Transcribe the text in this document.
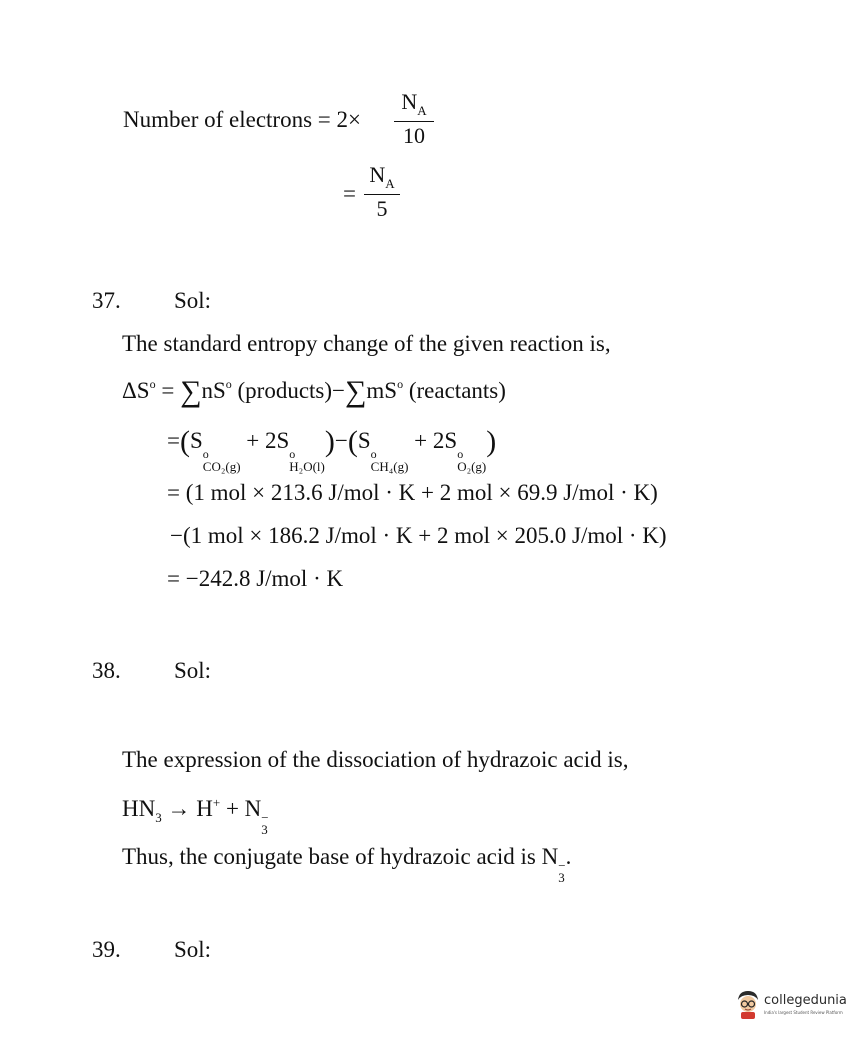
Number of electrons = 2×
$N_A$
10
=
$N_A$
5
37. Sol:
The standard entropy change of the given reaction is,
$\Delta S^o = \sum nS^o$ $(products)-\sum mS^o$ (reactants)
=(S
o
CO₂(g)
+ 2S
o
H₂O(l)
)−(S
o
CH₄(g)
+ 2S
o
O₂(g)
)
= (1 mol × 213.6 J/mol · K + 2 mol × 69.9 J/mol · K)
−(1 mol × 186.2 J/mol · K + 2 mol × 205.0 J/mol · K)
= −242.8 J/mol · K
38. Sol:
The expression of the dissociation of hydrazoic acid is,
$HN_3 \to H^+ + N$ −
3
Thus, the conjugate base of hydrazoic acid is N −
3
.
39. Sol:
collegedunia
India's largest Student Review Platform
